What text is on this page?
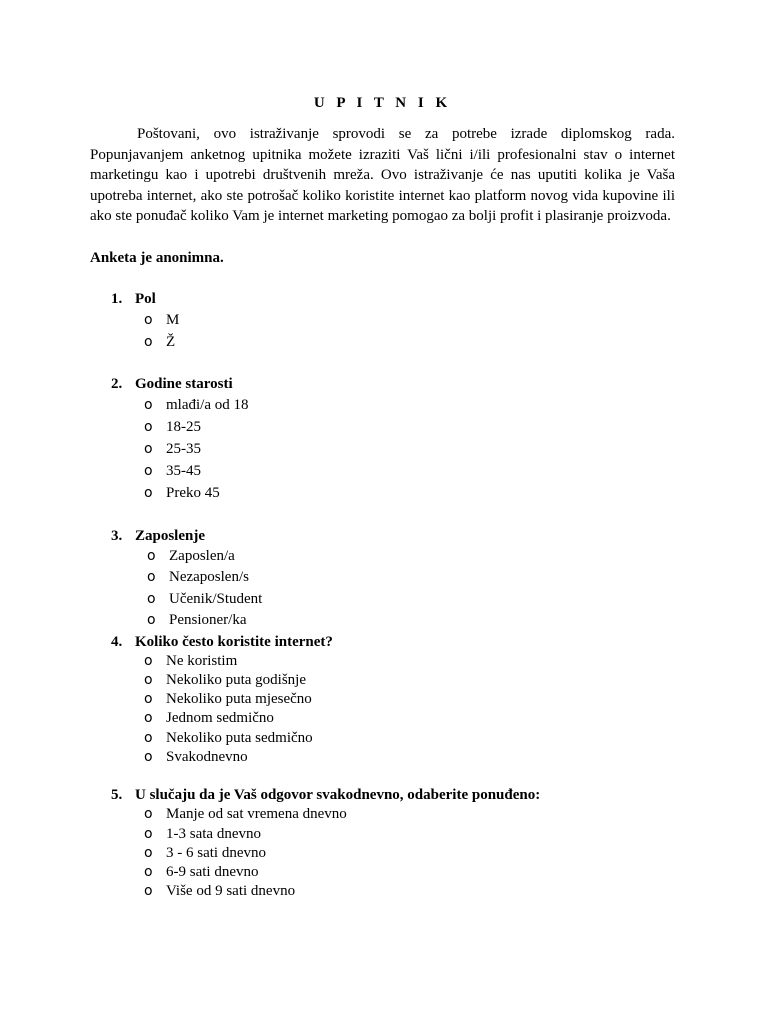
U P I T N I K

Poštovani, ovo istraživanje sprovodi se za potrebe izrade diplomskog rada. Popunjavanjem anketnog upitnika možete izraziti Vaš lični i/ili profesionalni stav o internet marketingu kao i upotrebi društvenih mreža. Ovo istraživanje će nas uputiti kolika je Vaša upotreba internet, ako ste potrošač koliko koristite internet kao platform novog vida kupovine ili ako ste ponuđač koliko Vam je internet marketing pomogao za bolji profit i plasiranje proizvoda.

Anketa je anonimna.
1. Pol
o M
o Ž
2. Godine starosti
o mlađi/a od 18
o 18-25
o 25-35
o 35-45
o Preko 45
3. Zaposlenje
o Zaposlen/a
o Nezaposlen/s
o Učenik/Student
o Pensioner/ka
4. Koliko često koristite internet?
o Ne koristim
o Nekoliko puta godišnje
o Nekoliko puta mjesečno
o Jednom sedmično
o Nekoliko puta sedmično
o Svakodnevno
5. U slučaju da je Vaš odgovor svakodnevno, odaberite ponuđeno:
o Manje od sat vremena dnevno
o 1-3 sata dnevno
o 3 - 6 sati dnevno
o 6-9 sati dnevno
o Više od 9 sati dnevno
